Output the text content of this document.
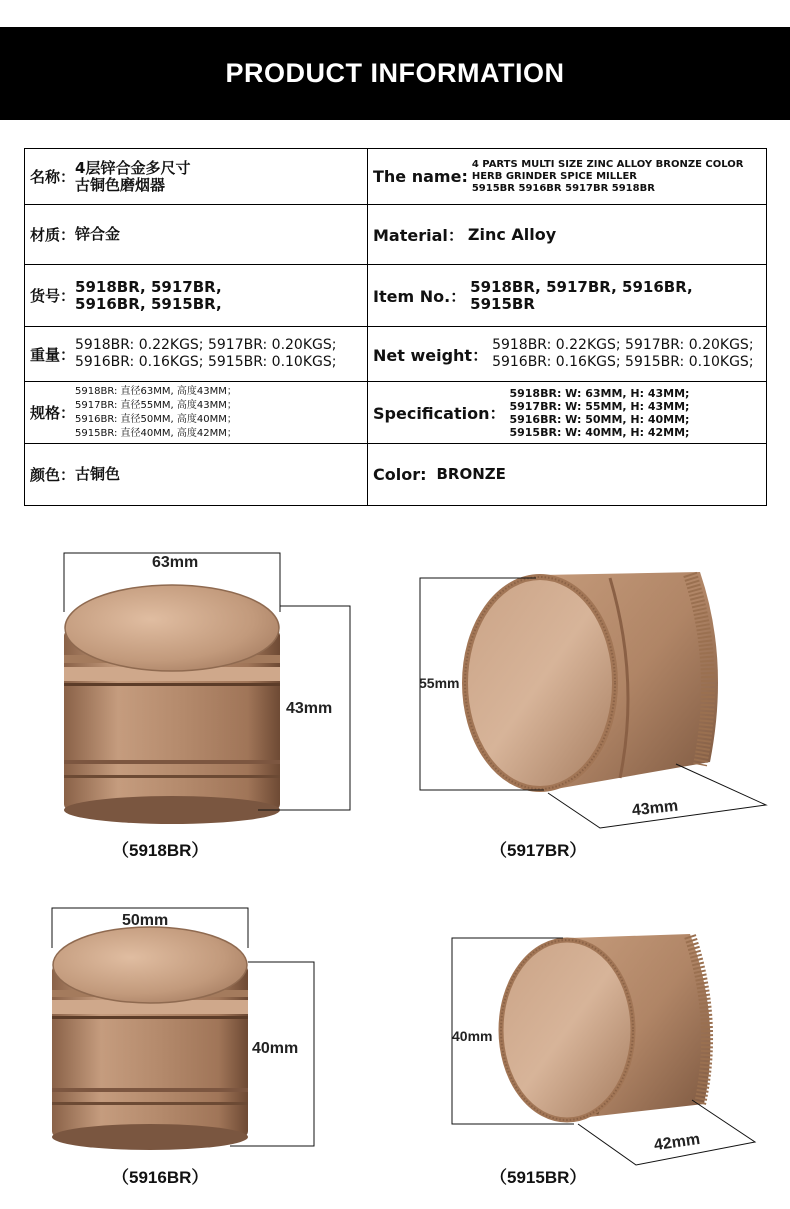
PRODUCT INFORMATION
名称：
4层锌合金多尺寸
古铜色磨烟器	The name:
4 PARTS MULTI SIZE ZINC ALLOY BRONZE COLOR
HERB GRINDER SPICE MILLER
5915BR 5916BR 5917BR 5918BR

材质： 锌合金	Material： Zinc Alloy

货号：
5918BR, 5917BR,
5916BR, 5915BR,	Item No.：
5918BR, 5917BR, 5916BR, 5915BR

重量：
5918BR: 0.22KGS; 5917BR: 0.20KGS;
5916BR: 0.16KGS; 5915BR: 0.10KGS;	Net weight：
5918BR: 0.22KGS; 5917BR: 0.20KGS;
5916BR: 0.16KGS; 5915BR: 0.10KGS;

规格：
5918BR: 直径63MM, 高度43MM；
5917BR: 直径55MM, 高度43MM；
5916BR: 直径50MM, 高度40MM；
5915BR: 直径40MM, 高度42MM；	Specification：
5918BR: W: 63MM, H: 43MM;
5917BR: W: 55MM, H: 43MM;
5916BR: W: 50MM, H: 40MM;
5915BR: W: 40MM, H: 42MM;

颜色： 古铜色	Color: BRONZE
63mm
43mm
（5918BR）
55mm
43mm
（5917BR）
50mm
40mm
（5916BR）
40mm
42mm
（5915BR）
